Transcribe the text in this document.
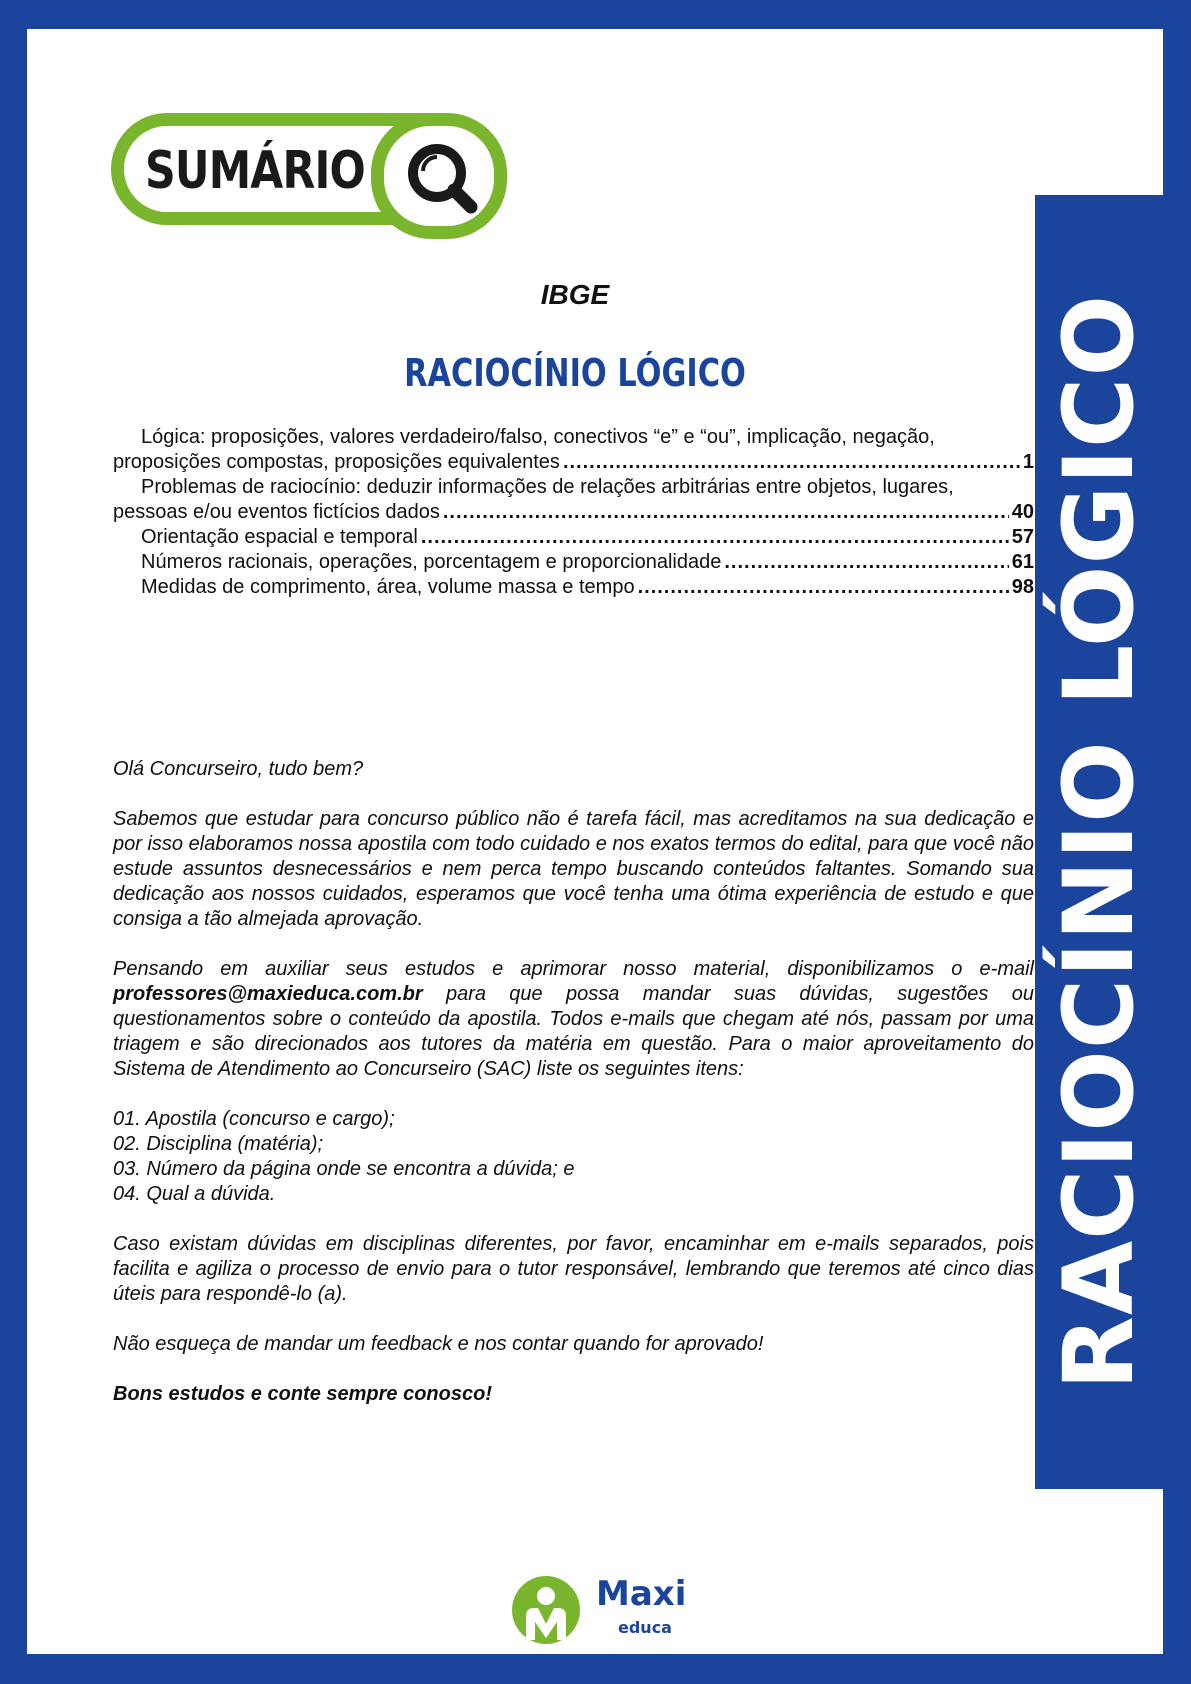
SUMÁRIO
IBGE
RACIOCÍNIO LÓGICO
Lógica: proposições, valores verdadeiro/falso, conectivos “e” e “ou”, implicação, negação,
proposições compostas, proposições equivalentes .....	1
Problemas de raciocínio: deduzir informações de relações arbitrárias entre objetos, lugares,
pessoas e/ou eventos fictícios dados .....	40
Orientação espacial e temporal .....	57
Números racionais, operações, porcentagem e proporcionalidade .....	61
Medidas de comprimento, área, volume massa e tempo .....	98

Olá Concurseiro, tudo bem?

Sabemos que estudar para concurso público não é tarefa fácil, mas acreditamos na sua dedicação e por isso elaboramos nossa apostila com todo cuidado e nos exatos termos do edital, para que você não estude assuntos desnecessários e nem perca tempo buscando conteúdos faltantes. Somando sua dedicação aos nossos cuidados, esperamos que você tenha uma ótima experiência de estudo e que consiga a tão almejada aprovação.

Pensando em auxiliar seus estudos e aprimorar nosso material, disponibilizamos o e-mail professores@maxieduca.com.br para que possa mandar suas dúvidas, sugestões ou questionamentos sobre o conteúdo da apostila. Todos e-mails que chegam até nós, passam por uma triagem e são direcionados aos tutores da matéria em questão. Para o maior aproveitamento do Sistema de Atendimento ao Concurseiro (SAC) liste os seguintes itens:

01. Apostila (concurso e cargo);

02. Disciplina (matéria);

03. Número da página onde se encontra a dúvida; e

04. Qual a dúvida.

Caso existam dúvidas em disciplinas diferentes, por favor, encaminhar em e-mails separados, pois facilita e agiliza o processo de envio para o tutor responsável, lembrando que teremos até cinco dias úteis para respondê-lo (a).

Não esqueça de mandar um feedback e nos contar quando for aprovado!

Bons estudos e conte sempre conosco!

Maxi
educa
RACIOCÍNIO LÓGICO
